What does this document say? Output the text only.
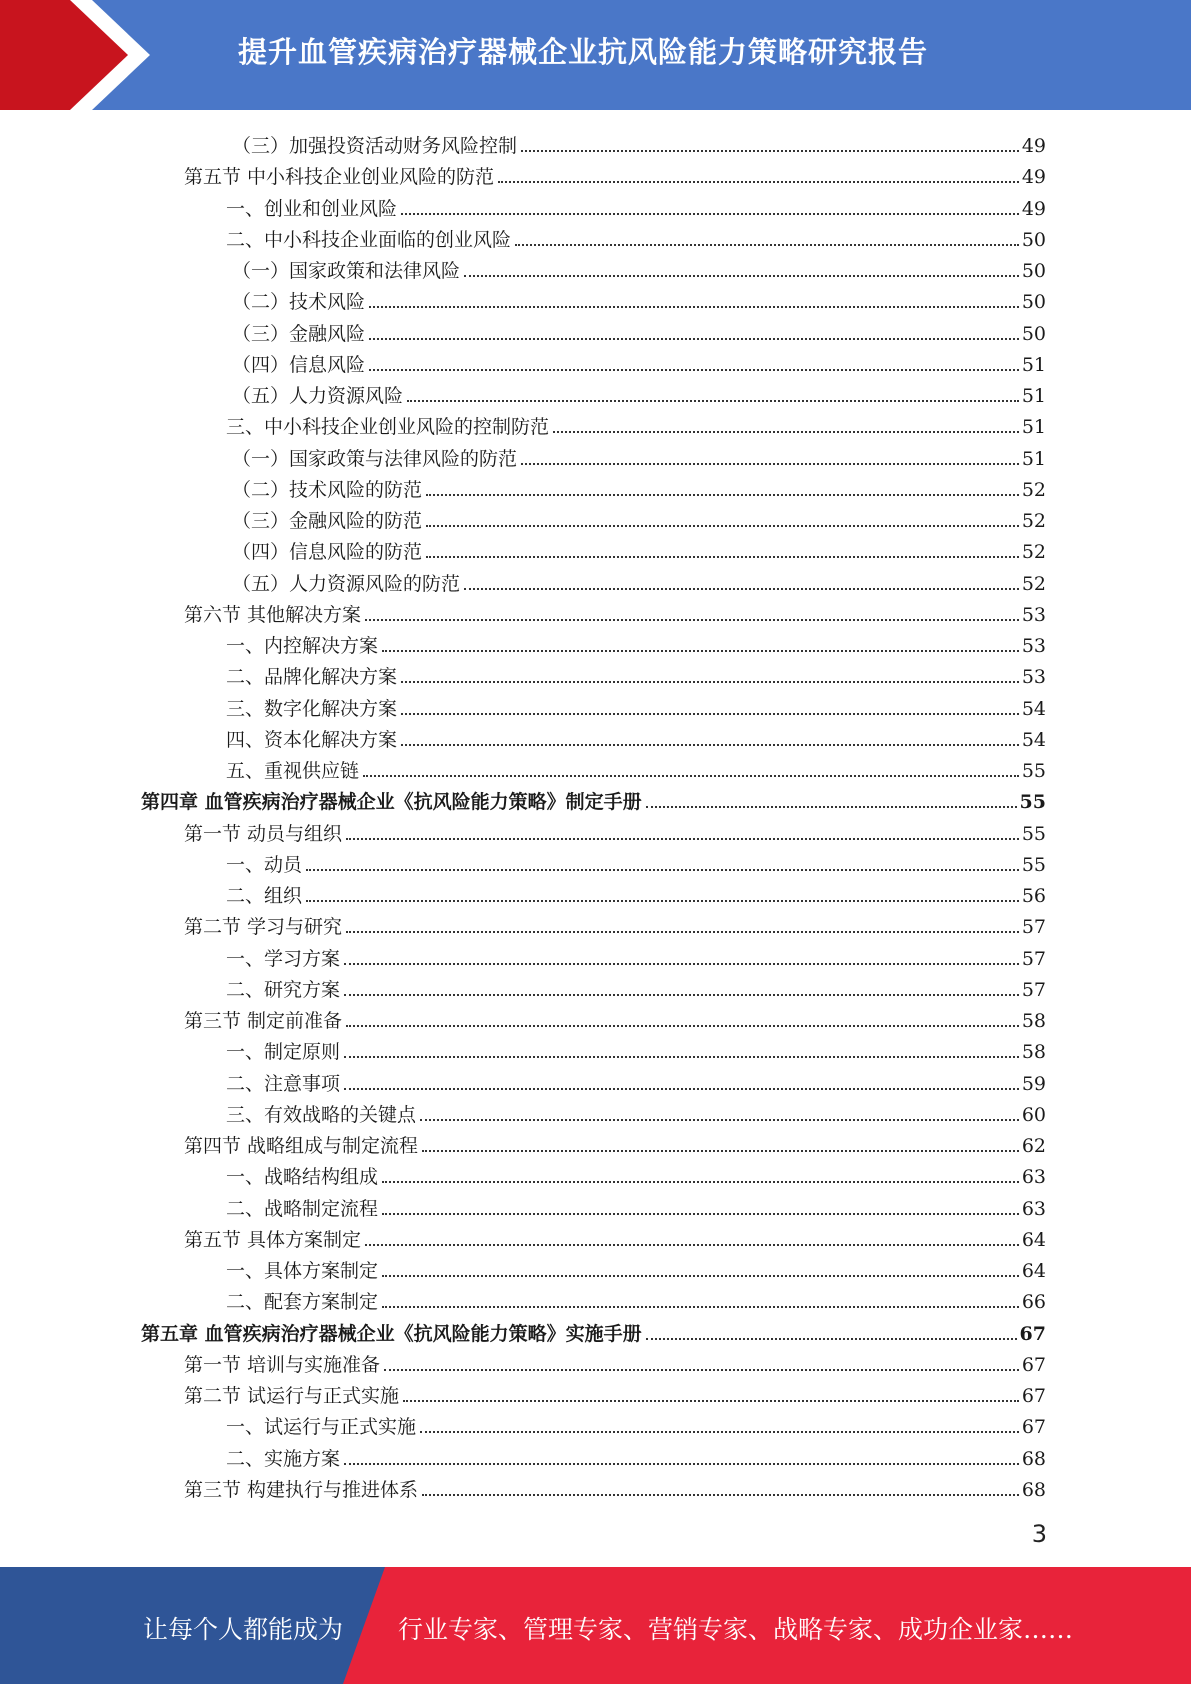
提升血管疾病治疗器械企业抗风险能力策略研究报告
（三）加强投资活动财务风险控制	49
第五节 中小科技企业创业风险的防范	49
一、创业和创业风险	49
二、中小科技企业面临的创业风险	50
（一）国家政策和法律风险	50
（二）技术风险	50
（三）金融风险	50
（四）信息风险	51
（五）人力资源风险	51
三、中小科技企业创业风险的控制防范	51
（一）国家政策与法律风险的防范	51
（二）技术风险的防范	52
（三）金融风险的防范	52
（四）信息风险的防范	52
（五）人力资源风险的防范	52
第六节 其他解决方案	53
一、内控解决方案	53
二、品牌化解决方案	53
三、数字化解决方案	54
四、资本化解决方案	54
五、重视供应链	55
第四章 血管疾病治疗器械企业《抗风险能力策略》制定手册	55
第一节 动员与组织	55
一、动员	55
二、组织	56
第二节 学习与研究	57
一、学习方案	57
二、研究方案	57
第三节 制定前准备	58
一、制定原则	58
二、注意事项	59
三、有效战略的关键点	60
第四节 战略组成与制定流程	62
一、战略结构组成	63
二、战略制定流程	63
第五节 具体方案制定	64
一、具体方案制定	64
二、配套方案制定	66
第五章 血管疾病治疗器械企业《抗风险能力策略》实施手册	67
第一节 培训与实施准备	67
第二节 试运行与正式实施	67
一、试运行与正式实施	67
二、实施方案	68
第三节 构建执行与推进体系	68
3
让每个人都能成为 行业专家、管理专家、营销专家、战略专家、成功企业家……
